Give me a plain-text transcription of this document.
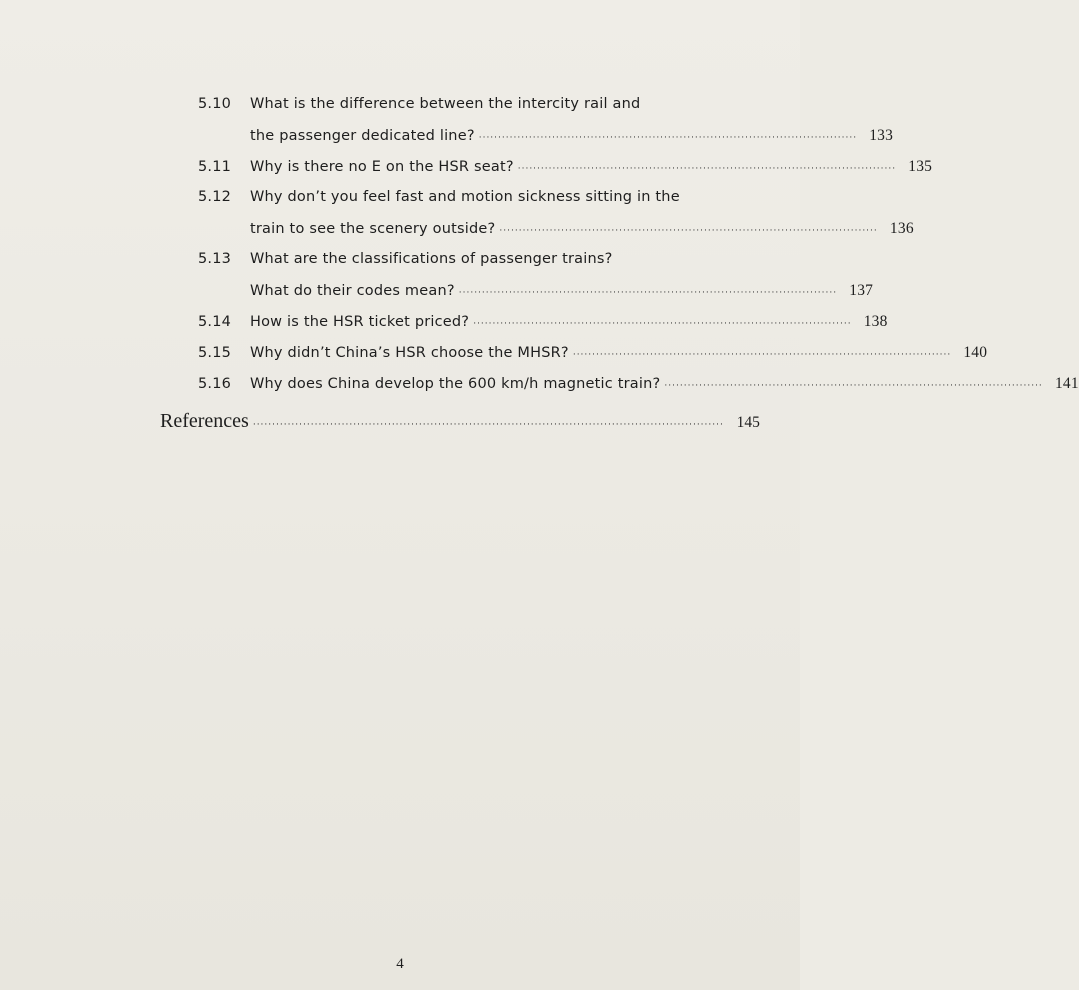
5.10	What is the difference between the intercity rail and
the passenger dedicated line? ·································································································· 133
5.11	Why is there no E on the HSR seat? ·································································································· 135
5.12	Why don’t you feel fast and motion sickness sitting in the
train to see the scenery outside? ·································································································· 136
5.13	What are the classifications of passenger trains?
What do their codes mean? ·································································································· 137
5.14	How is the HSR ticket priced? ·································································································· 138
5.15	Why didn’t China’s HSR choose the MHSR? ·································································································· 140
5.16	Why does China develop the 600 km/h magnetic train? ·································································································· 141
References ·························································································································· 145
4
